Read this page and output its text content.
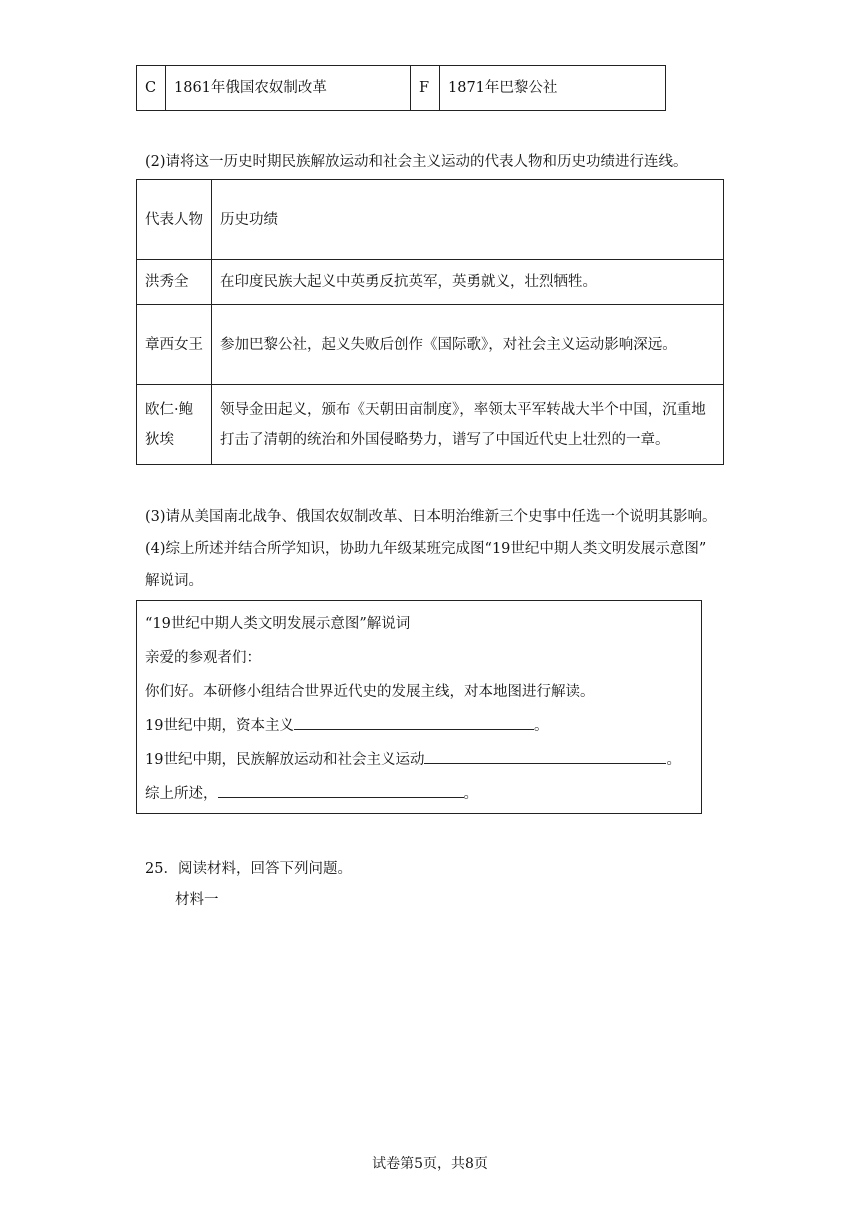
C	1861年俄国农奴制改革	F	1871年巴黎公社
(2)请将这一历史时期民族解放运动和社会主义运动的代表人物和历史功绩进行连线。
代表人物	历史功绩
洪秀全	在印度民族大起义中英勇反抗英军，英勇就义，壮烈牺牲。
章西女王	参加巴黎公社，起义失败后创作《国际歌》，对社会主义运动影响深远。
欧仁·鲍狄埃	领导金田起义，颁布《天朝田亩制度》，率领太平军转战大半个中国，沉重地打击了清朝的统治和外国侵略势力，谱写了中国近代史上壮烈的一章。
(3)请从美国南北战争、俄国农奴制改革、日本明治维新三个史事中任选一个说明其影响。
(4)综上所述并结合所学知识，协助九年级某班完成图“19世纪中期人类文明发展示意图”
解说词。
“19世纪中期人类文明发展示意图”解说词
亲爱的参观者们：
你们好。本研修小组结合世界近代史的发展主线，对本地图进行解读。
19世纪中期，资本主义	。
19世纪中期，民族解放运动和社会主义运动	。
综上所述，	。
25．阅读材料，回答下列问题。
材料一
试卷第5页，共8页
